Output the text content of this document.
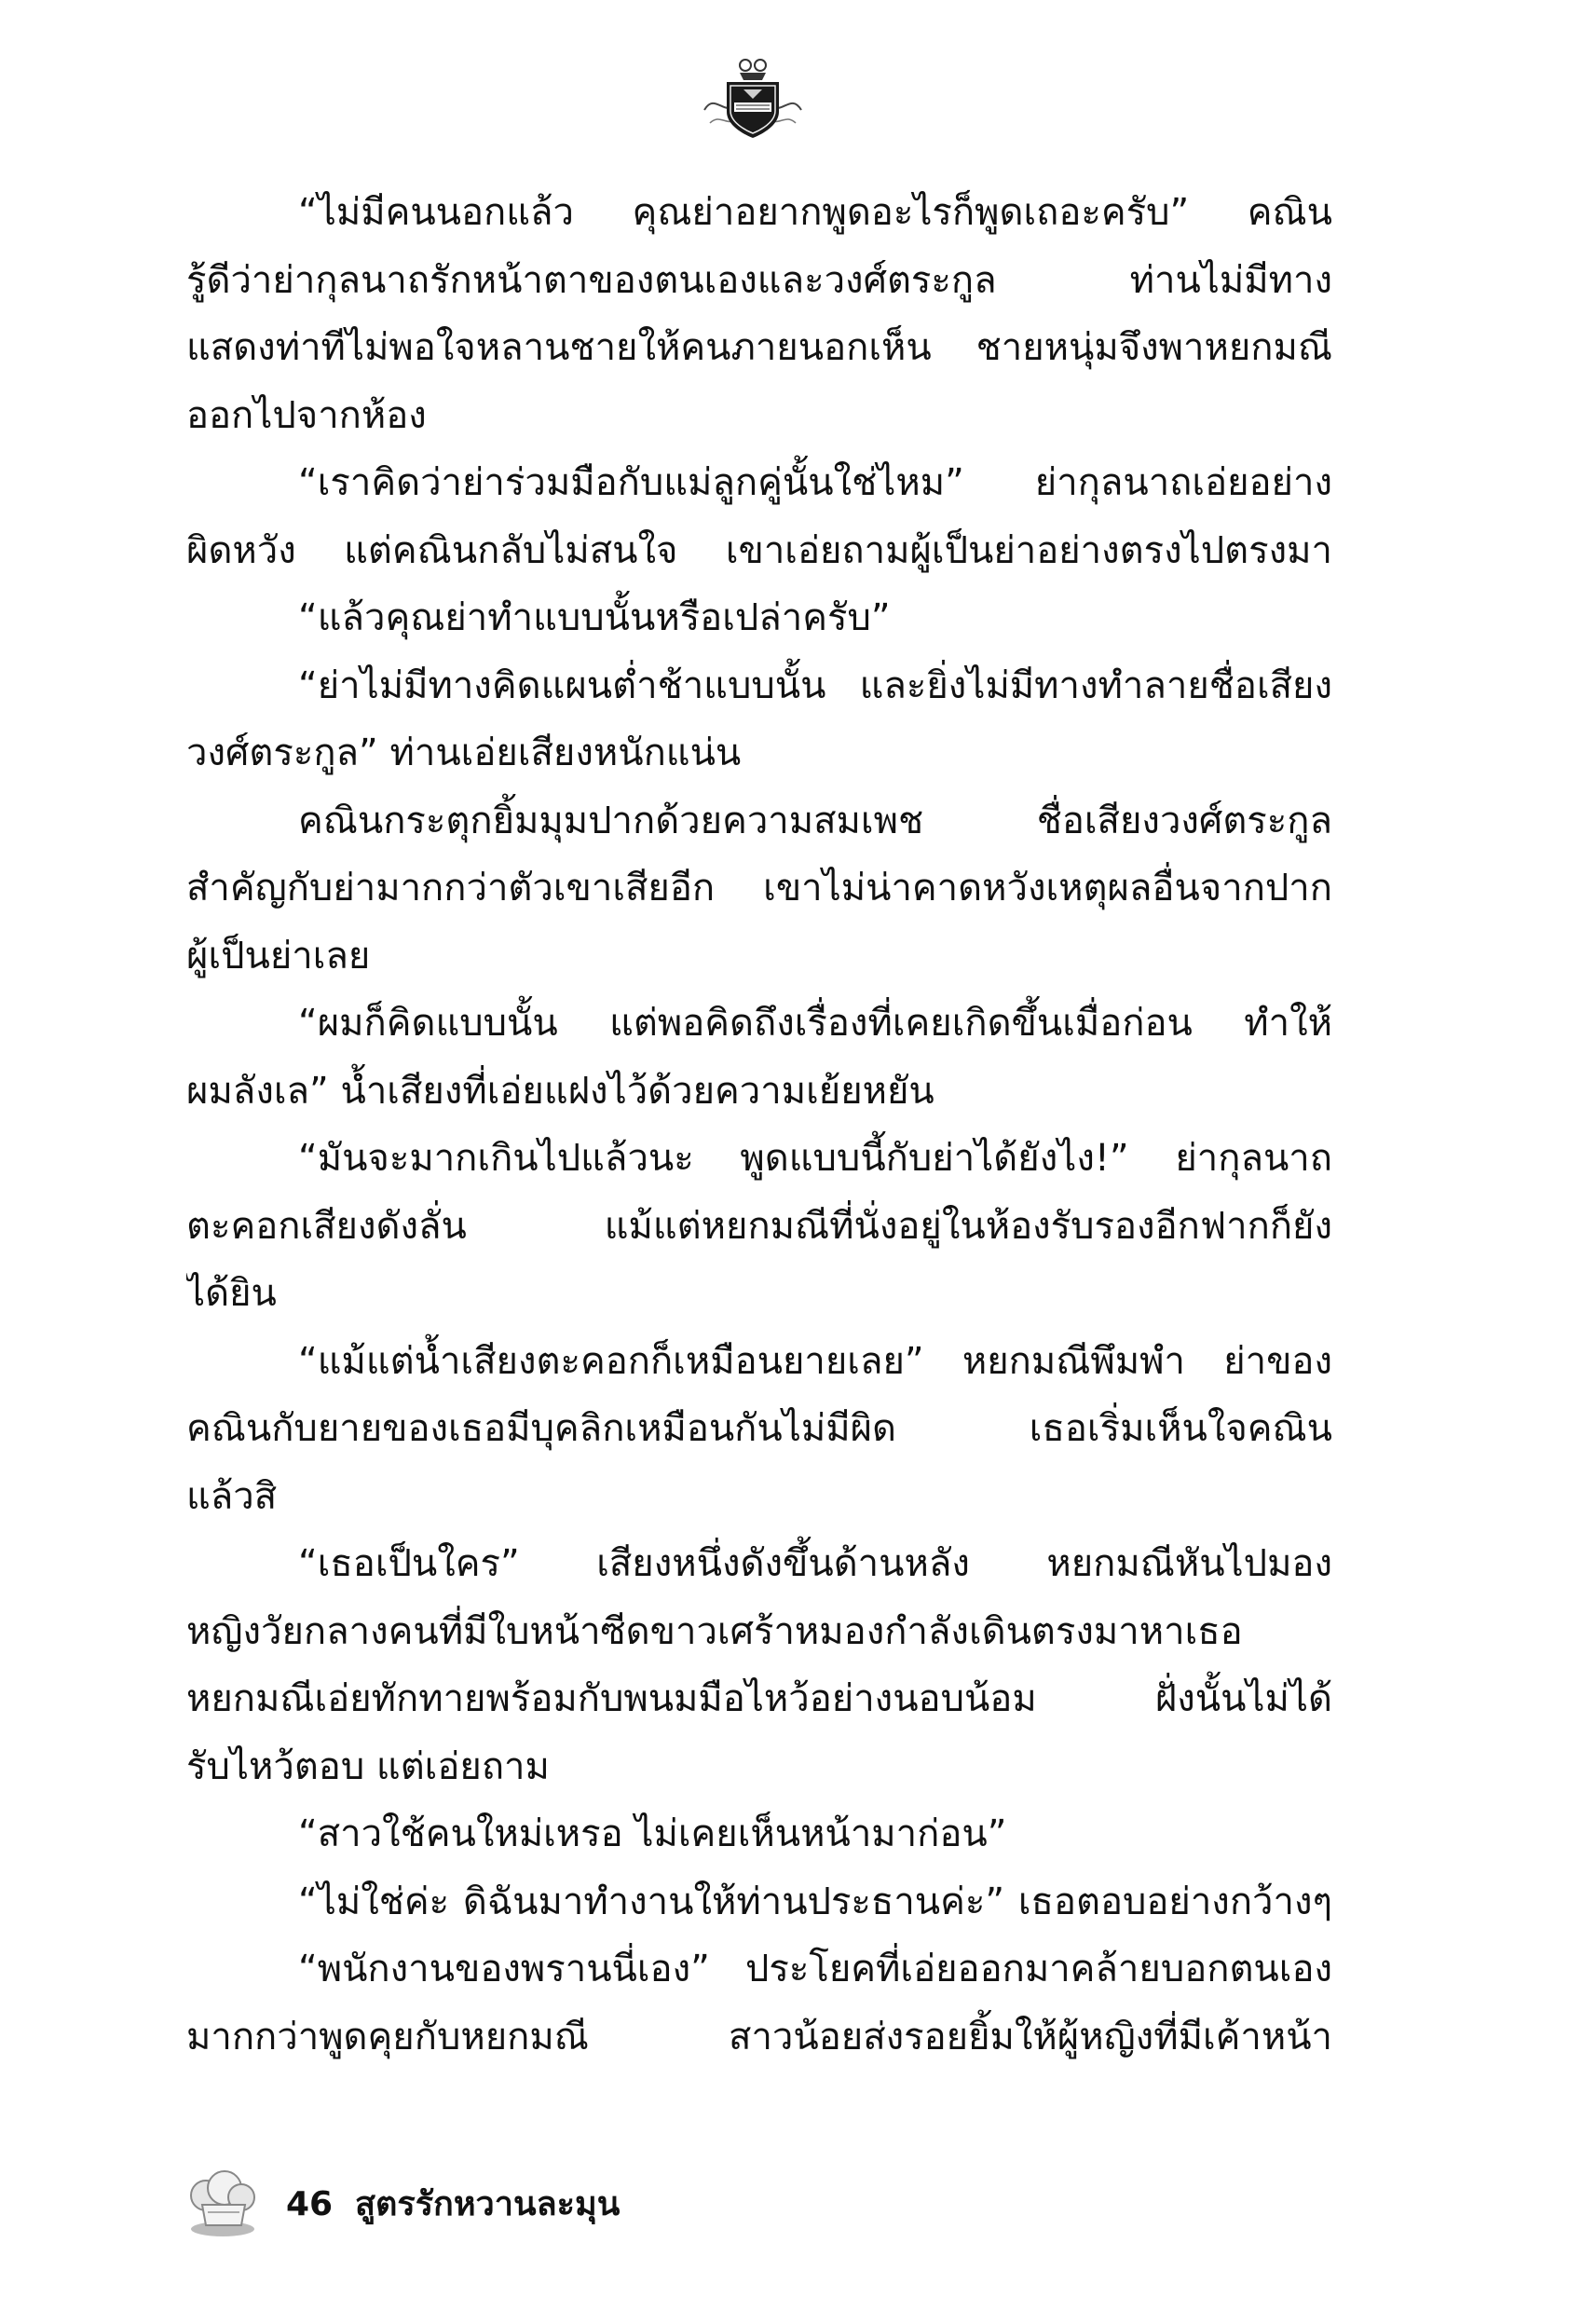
“ไม่มีคนนอกแล้ว คุณย่าอยากพูดอะไรก็พูดเถอะครับ” คณิน
รู้ดีว่าย่ากุลนาถรักหน้าตาของตนเองและวงศ์ตระกูล ท่านไม่มีทาง
แสดงท่าทีไม่พอใจหลานชายให้คนภายนอกเห็น ชายหนุ่มจึงพาหยกมณี
ออกไปจากห้อง
“เราคิดว่าย่าร่วมมือกับแม่ลูกคู่นั้นใช่ไหม” ย่ากุลนาถเอ่ยอย่าง
ผิดหวัง แต่คณินกลับไม่สนใจ เขาเอ่ยถามผู้เป็นย่าอย่างตรงไปตรงมา
“แล้วคุณย่าทำแบบนั้นหรือเปล่าครับ”
“ย่าไม่มีทางคิดแผนต่ำช้าแบบนั้น และยิ่งไม่มีทางทำลายชื่อเสียง
วงศ์ตระกูล” ท่านเอ่ยเสียงหนักแน่น
คณินกระตุกยิ้มมุมปากด้วยความสมเพช ชื่อเสียงวงศ์ตระกูล
สำคัญกับย่ามากกว่าตัวเขาเสียอีก เขาไม่น่าคาดหวังเหตุผลอื่นจากปาก
ผู้เป็นย่าเลย
“ผมก็คิดแบบนั้น แต่พอคิดถึงเรื่องที่เคยเกิดขึ้นเมื่อก่อน ทำให้
ผมลังเล” น้ำเสียงที่เอ่ยแฝงไว้ด้วยความเย้ยหยัน
“มันจะมากเกินไปแล้วนะ พูดแบบนี้กับย่าได้ยังไง!” ย่ากุลนาถ
ตะคอกเสียงดังลั่น แม้แต่หยกมณีที่นั่งอยู่ในห้องรับรองอีกฟากก็ยัง
ได้ยิน
“แม้แต่น้ำเสียงตะคอกก็เหมือนยายเลย” หยกมณีพึมพำ ย่าของ
คณินกับยายของเธอมีบุคลิกเหมือนกันไม่มีผิด เธอเริ่มเห็นใจคณิน
แล้วสิ
“เธอเป็นใคร” เสียงหนึ่งดังขึ้นด้านหลัง หยกมณีหันไปมอง
หญิงวัยกลางคนที่มีใบหน้าซีดขาวเศร้าหมองกำลังเดินตรงมาหาเธอ
หยกมณีเอ่ยทักทายพร้อมกับพนมมือไหว้อย่างนอบน้อม ฝั่งนั้นไม่ได้
รับไหว้ตอบ แต่เอ่ยถาม
“สาวใช้คนใหม่เหรอ ไม่เคยเห็นหน้ามาก่อน”
“ไม่ใช่ค่ะ ดิฉันมาทำงานให้ท่านประธานค่ะ” เธอตอบอย่างกว้างๆ
“พนักงานของพรานนี่เอง” ประโยคที่เอ่ยออกมาคล้ายบอกตนเอง
มากกว่าพูดคุยกับหยกมณี สาวน้อยส่งรอยยิ้มให้ผู้หญิงที่มีเค้าหน้า
46 สูตรรักหวานละมุน
